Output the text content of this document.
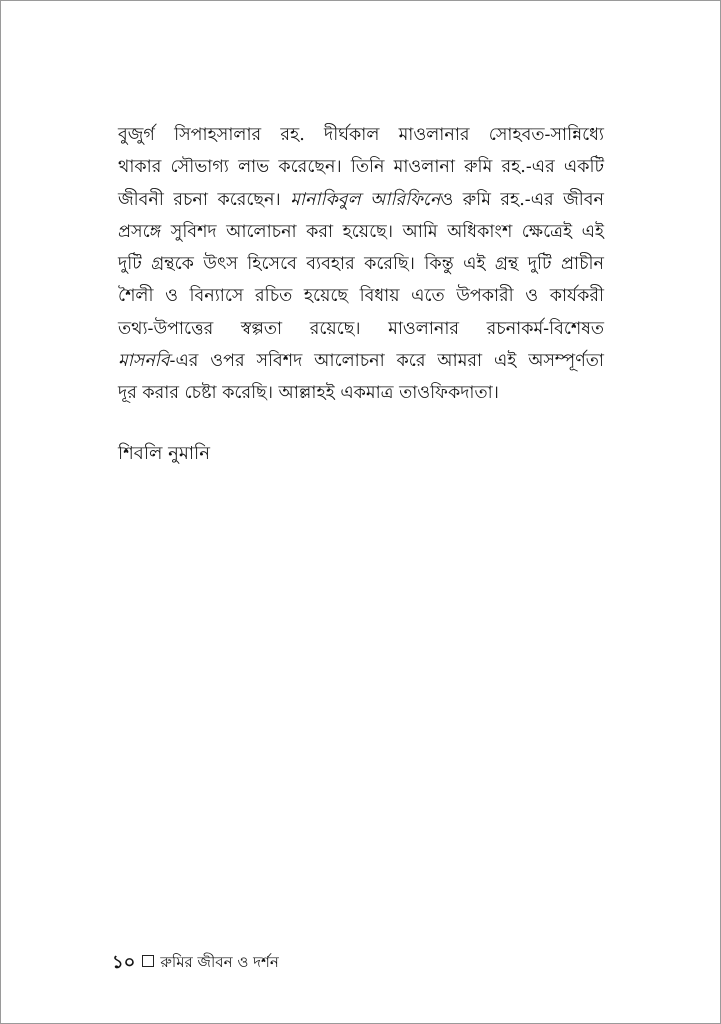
বুজুর্গ সিপাহসালার রহ. দীর্ঘকাল মাওলানার সোহবত-সান্নিধ্যে
থাকার সৌভাগ্য লাভ করেছেন। তিনি মাওলানা রুমি রহ.-এর একটি
জীবনী রচনা করেছেন। মানাকিবুল আরিফিনেও রুমি রহ.-এর জীবন
প্রসঙ্গে সুবিশদ আলোচনা করা হয়েছে। আমি অধিকাংশ ক্ষেত্রেই এই
দুটি গ্রন্থকে উৎস হিসেবে ব্যবহার করেছি। কিন্তু এই গ্রন্থ দুটি প্রাচীন
শৈলী ও বিন্যাসে রচিত হয়েছে বিধায় এতে উপকারী ও কার্যকরী
তথ্য-উপাত্তের স্বল্পতা রয়েছে। মাওলানার রচনাকর্ম-বিশেষত
মাসনবি-এর ওপর সবিশদ আলোচনা করে আমরা এই অসম্পূর্ণতা
দূর করার চেষ্টা করেছি। আল্লাহই একমাত্র তাওফিকদাতা।

শিবলি নুমানি

১০ রুমির জীবন ও দর্শন
